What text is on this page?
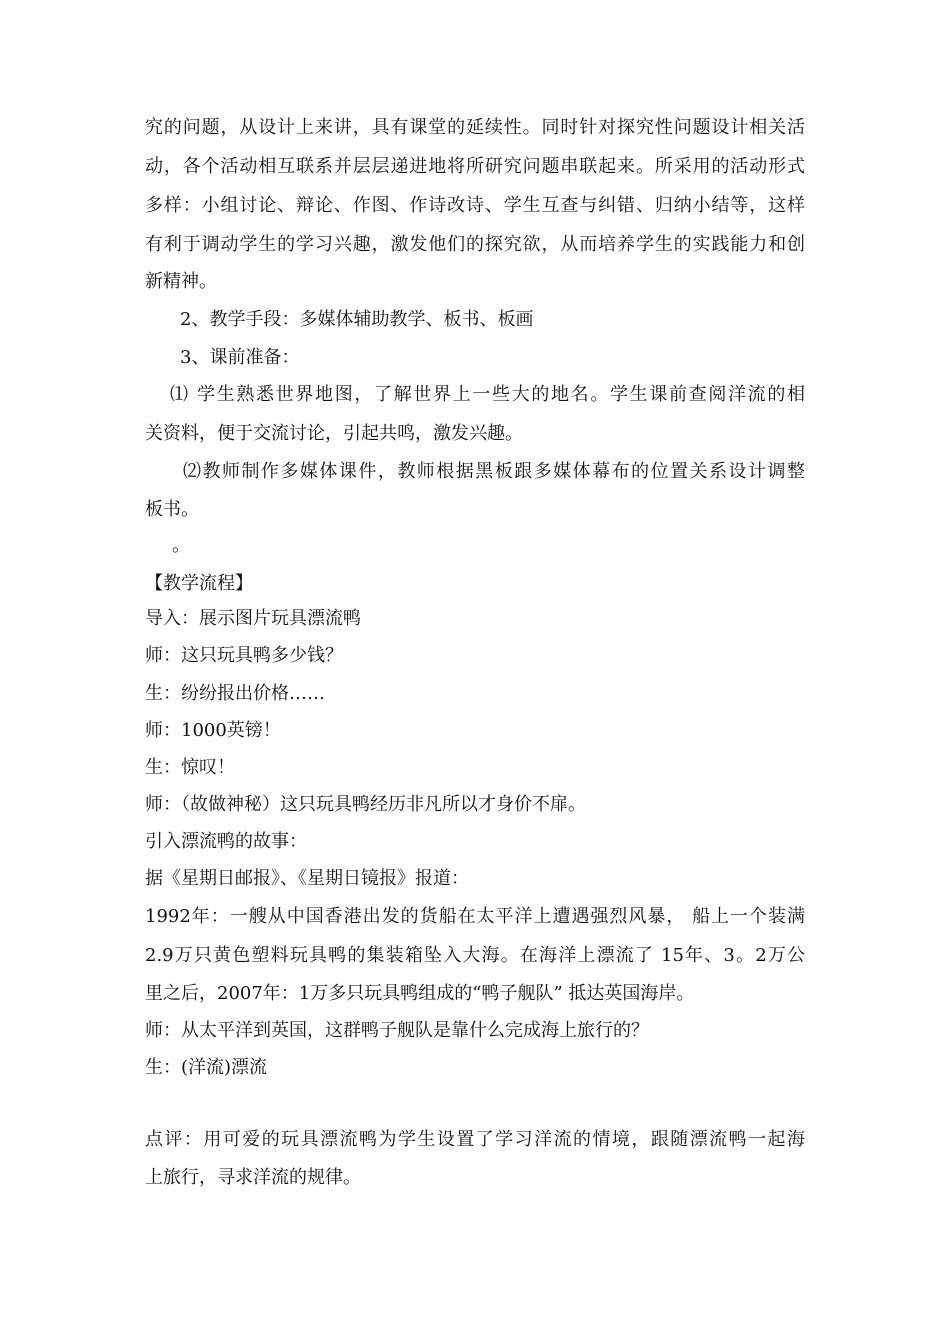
究的问题，从设计上来讲，具有课堂的延续性。同时针对探究性问题设计相关活
动，各个活动相互联系并层层递进地将所研究问题串联起来。所采用的活动形式
多样：小组讨论、辩论、作图、作诗改诗、学生互查与纠错、归纳小结等，这样
有利于调动学生的学习兴趣，激发他们的探究欲，从而培养学生的实践能力和创
新精神。
2、教学手段：多媒体辅助教学、板书、板画
3、课前准备：
⑴ 学生熟悉世界地图，了解世界上一些大的地名。学生课前查阅洋流的相
关资料，便于交流讨论，引起共鸣，激发兴趣。
⑵教师制作多媒体课件，教师根据黑板跟多媒体幕布的位置关系设计调整
板书。
。
【教学流程】
导入：展示图片玩具漂流鸭
师：这只玩具鸭多少钱？
生：纷纷报出价格……
师：1000英镑！
生：惊叹！
师：（故做神秘）这只玩具鸭经历非凡所以才身价不扉。
引入漂流鸭的故事：
据《星期日邮报》、《星期日镜报》报道：
1992年：一艘从中国香港出发的货船在太平洋上遭遇强烈风暴， 船上一个装满
2.9万只黄色塑料玩具鸭的集装箱坠入大海。在海洋上漂流了 15年、3。2万公
里之后，2007年：1万多只玩具鸭组成的“鸭子舰队” 抵达英国海岸。
师：从太平洋到英国，这群鸭子舰队是靠什么完成海上旅行的？
生：(洋流)漂流
点评：用可爱的玩具漂流鸭为学生设置了学习洋流的情境，跟随漂流鸭一起海
上旅行，寻求洋流的规律。
